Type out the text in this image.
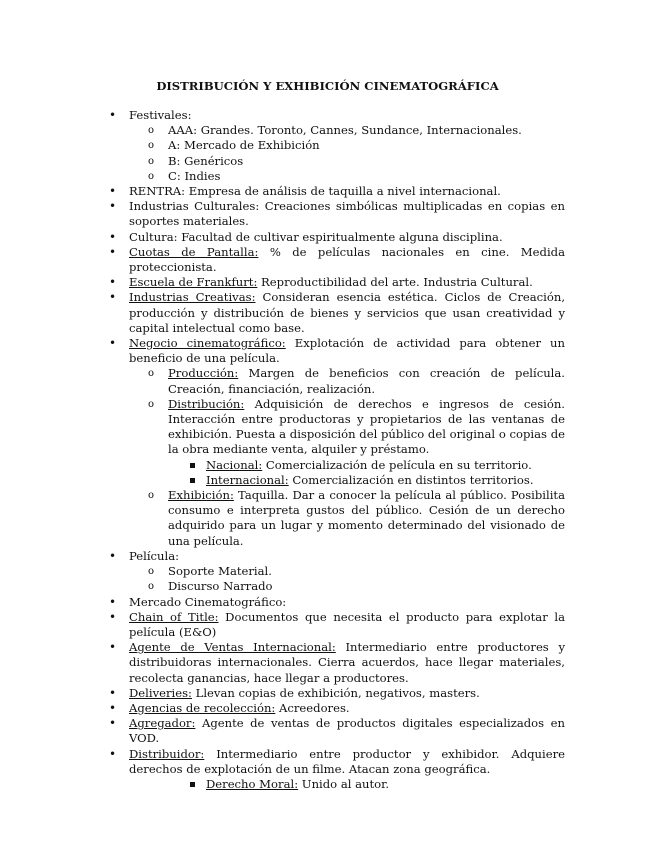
DISTRIBUCIÓN Y EXHIBICIÓN CINEMATOGRÁFICA
• Festivales:
o AAA: Grandes. Toronto, Cannes, Sundance, Internacionales.
o A: Mercado de Exhibición
o B: Genéricos
o C: Indies
• RENTRA: Empresa de análisis de taquilla a nivel internacional.
• Industrias Culturales: Creaciones simbólicas multiplicadas en copias en soportes materiales.
• Cultura: Facultad de cultivar espiritualmente alguna disciplina.
• Cuotas de Pantalla: % de películas nacionales en cine. Medida proteccionista.
• Escuela de Frankfurt: Reproductibilidad del arte. Industria Cultural.
• Industrias Creativas: Consideran esencia estética. Ciclos de Creación, producción y distribución de bienes y servicios que usan creatividad y capital intelectual como base.
• Negocio cinematográfico: Explotación de actividad para obtener un beneficio de una película.
o Producción: Margen de beneficios con creación de película. Creación, financiación, realización.
o Distribución: Adquisición de derechos e ingresos de cesión. Interacción entre productoras y propietarios de las ventanas de exhibición. Puesta a disposición del público del original o copias de la obra mediante venta, alquiler y préstamo.
Nacional: Comercialización de película en su territorio.
Internacional: Comercialización en distintos territorios.
o Exhibición: Taquilla. Dar a conocer la película al público. Posibilita consumo e interpreta gustos del público. Cesión de un derecho adquirido para un lugar y momento determinado del visionado de una película.
• Película:
o Soporte Material.
o Discurso Narrado
• Mercado Cinematográfico:
• Chain of Title: Documentos que necesita el producto para explotar la película (E&O)
• Agente de Ventas Internacional: Intermediario entre productores y distribuidoras internacionales. Cierra acuerdos, hace llegar materiales, recolecta ganancias, hace llegar a productores.
• Deliveries: Llevan copias de exhibición, negativos, masters.
• Agencias de recolección: Acreedores.
• Agregador: Agente de ventas de productos digitales especializados en VOD.
• Distribuidor: Intermediario entre productor y exhibidor. Adquiere derechos de explotación de un filme. Atacan zona geográfica.
Derecho Moral: Unido al autor.
